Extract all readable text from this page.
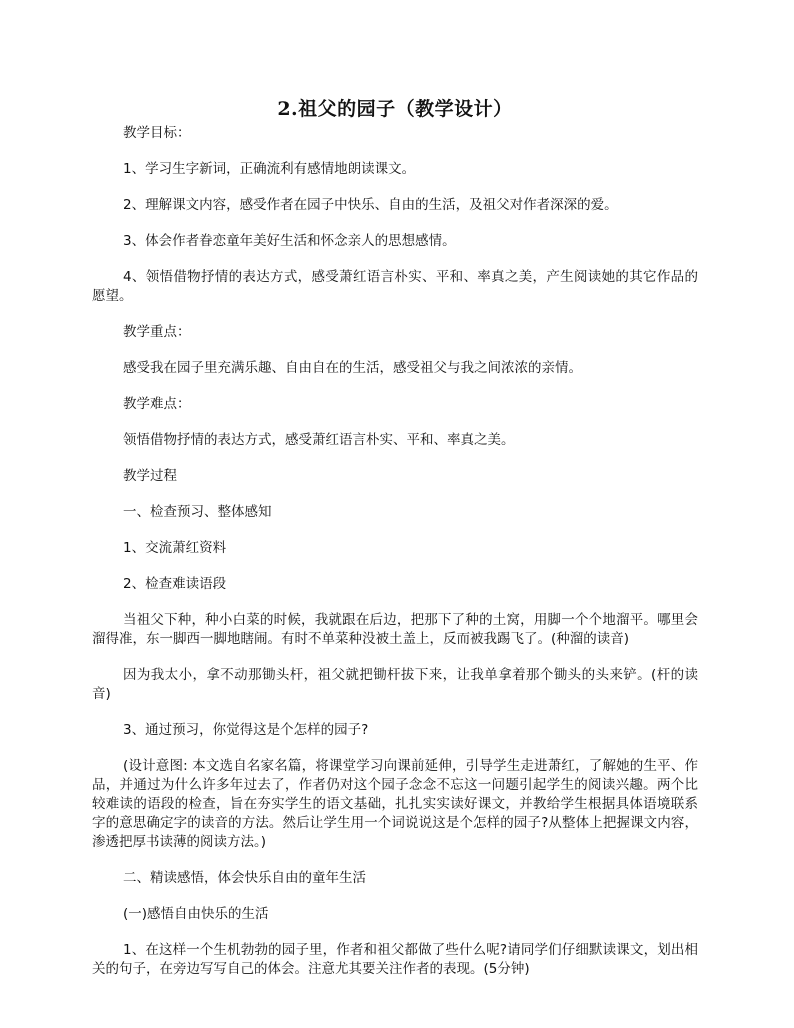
2.祖父的园子（教学设计）

教学目标：

1、学习生字新词，正确流利有感情地朗读课文。

2、理解课文内容，感受作者在园子中快乐、自由的生活，及祖父对作者深深的爱。

3、体会作者眷恋童年美好生活和怀念亲人的思想感情。

4、领悟借物抒情的表达方式，感受萧红语言朴实、平和、率真之美，产生阅读她的其它作品的愿望。

教学重点：

感受我在园子里充满乐趣、自由自在的生活，感受祖父与我之间浓浓的亲情。

教学难点：

领悟借物抒情的表达方式，感受萧红语言朴实、平和、率真之美。

教学过程

一、检查预习、整体感知

1、交流萧红资料

2、检查难读语段

当祖父下种，种小白菜的时候，我就跟在后边，把那下了种的土窝，用脚一个个地溜平。哪里会溜得准，东一脚西一脚地瞎闹。有时不单菜种没被土盖上，反而被我踢飞了。(种溜的读音)

因为我太小，拿不动那锄头杆，祖父就把锄杆拔下来，让我单拿着那个锄头的头来铲。(杆的读音)

3、通过预习，你觉得这是个怎样的园子?

(设计意图: 本文选自名家名篇，将课堂学习向课前延伸，引导学生走进萧红，了解她的生平、作品，并通过为什么许多年过去了，作者仍对这个园子念念不忘这一问题引起学生的阅读兴趣。两个比较难读的语段的检查，旨在夯实学生的语文基础，扎扎实实读好课文，并教给学生根据具体语境联系字的意思确定字的读音的方法。然后让学生用一个词说说这是个怎样的园子?从整体上把握课文内容，渗透把厚书读薄的阅读方法。)

二、精读感悟，体会快乐自由的童年生活

(一)感悟自由快乐的生活

1、在这样一个生机勃勃的园子里，作者和祖父都做了些什么呢?请同学们仔细默读课文，划出相关的句子，在旁边写写自己的体会。注意尤其要关注作者的表现。(5分钟)
